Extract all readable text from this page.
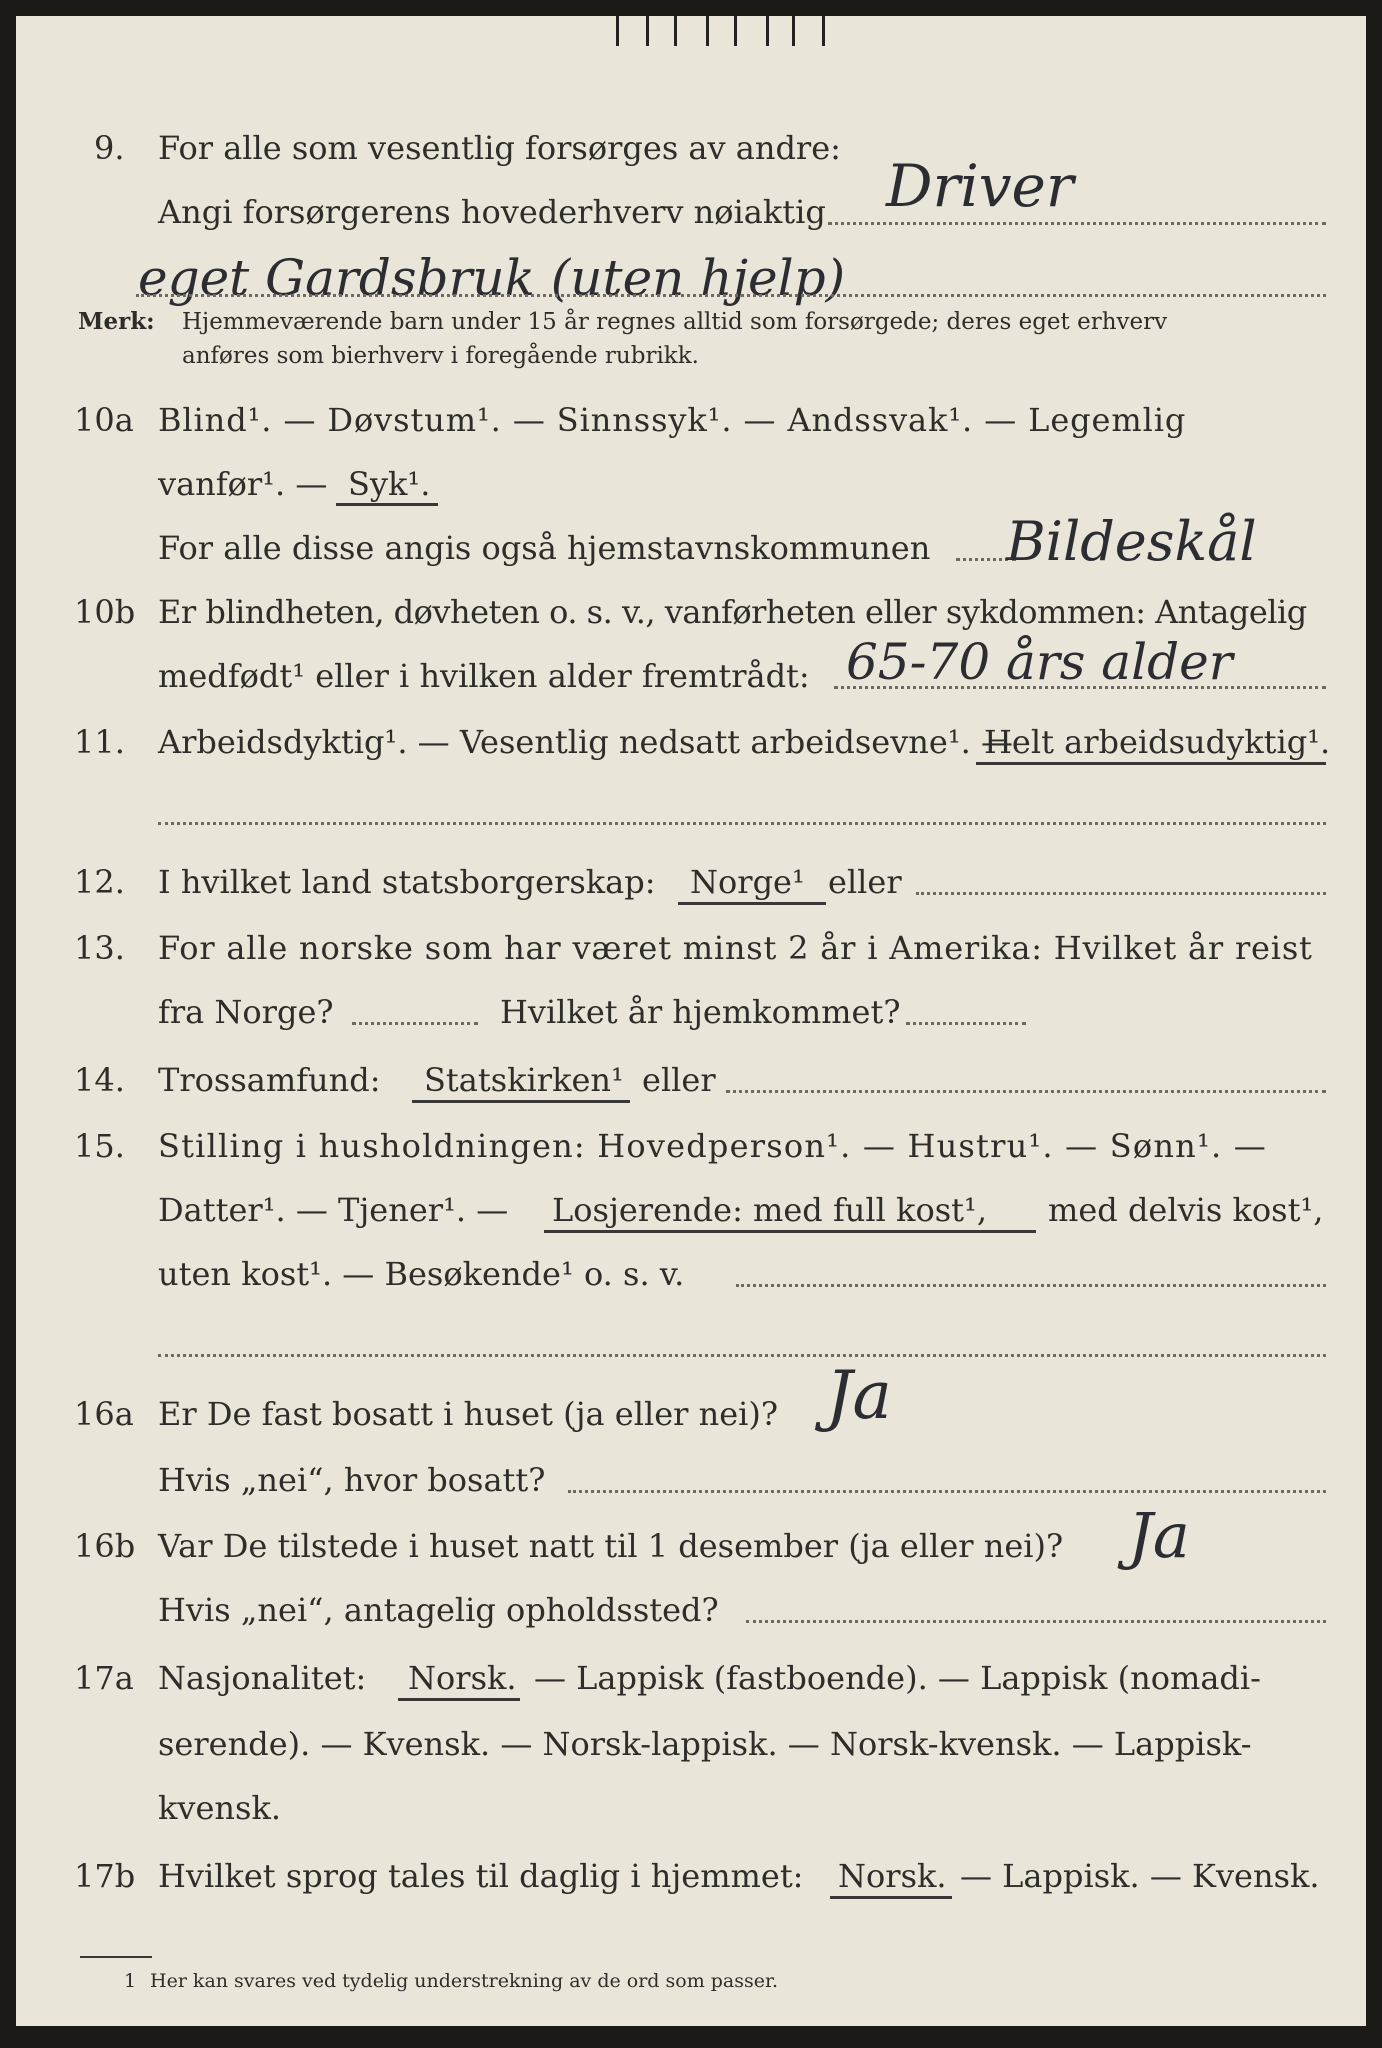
9. For alle som vesentlig forsørges av andre:
Driver
Angi forsørgerens hovederhverv nøiaktig
eget Gardsbruk (uten hjelp)
Merk: Hjemmeværende barn under 15 år regnes alltid som forsørgede; deres eget erhverv
anføres som bierhverv i foregående rubrikk.
10a Blind¹. — Døvstum¹. — Sinnssyk¹. — Andssvak¹. — Legemlig
vanfør¹. — Syk¹.
For alle disse angis også hjemstavnskommunen Bildeskål
10b Er blindheten, døvheten o. s. v., vanførheten eller sykdommen: Antagelig
medfødt¹ eller i hvilken alder fremtrådt: 65-70 års alder
11. Arbeidsdyktig¹. — Vesentlig nedsatt arbeidsevne¹. —
Helt arbeidsudyktig¹.
12. I hvilket land statsborgerskap: Norge¹ eller
13. For alle norske som har været minst 2 år i Amerika: Hvilket år reist
fra Norge?	Hvilket år hjemkommet?
14. Trossamfund: Statskirken¹ eller
15. Stilling i husholdningen: Hovedperson¹. — Hustru¹. — Sønn¹. —
Datter¹. — Tjener¹. — Losjerende: med full kost¹, med delvis kost¹,
uten kost¹. — Besøkende¹ o. s. v.
16a Er De fast bosatt i huset (ja eller nei)? Ja
Hvis „nei“, hvor bosatt?
16b Var De tilstede i huset natt til 1 desember (ja eller nei)? Ja
Hvis „nei“, antagelig opholdssted?
17a Nasjonalitet: Norsk. — Lappisk (fastboende). — Lappisk (nomadi-
serende). — Kvensk. — Norsk-lappisk. — Norsk-kvensk. — Lappisk-
kvensk.
17b Hvilket sprog tales til daglig i hjemmet: Norsk. — Lappisk. — Kvensk.
1 Her kan svares ved tydelig understrekning av de ord som passer.
